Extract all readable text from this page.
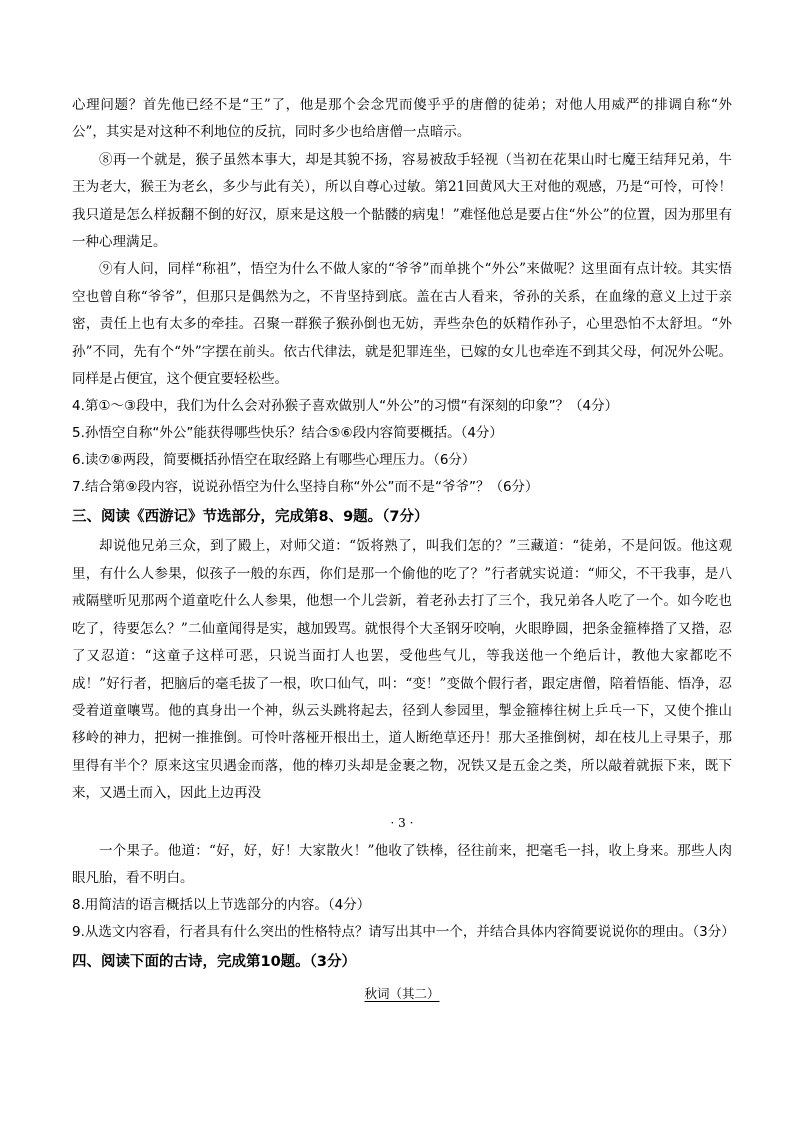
心理问题？首先他已经不是“王”了，他是那个会念咒而傻乎乎的唐僧的徒弟；对他人用威严的排调自称“外公”，其实是对这种不利地位的反抗，同时多少也给唐僧一点暗示。

⑧再一个就是，猴子虽然本事大，却是其貌不扬，容易被敌手轻视（当初在花果山时七魔王结拜兄弟，牛王为老大，猴王为老幺，多少与此有关），所以自尊心过敏。第21回黄风大王对他的观感，乃是“可怜，可怜！我只道是怎么样扳翻不倒的好汉，原来是这般一个骷髅的病鬼！”难怪他总是要占住“外公”的位置，因为那里有一种心理满足。

⑨有人问，同样“称祖”，悟空为什么不做人家的“爷爷”而单挑个“外公”来做呢？这里面有点计较。其实悟空也曾自称“爷爷”，但那只是偶然为之，不肯坚持到底。盖在古人看来，爷孙的关系，在血缘的意义上过于亲密，责任上也有太多的牵挂。召聚一群猴子猴孙倒也无妨，弄些杂色的妖精作孙子，心里恐怕不太舒坦。“外孙”不同，先有个“外”字摆在前头。依古代律法，就是犯罪连坐，已嫁的女儿也牵连不到其父母，何况外公呢。同样是占便宜，这个便宜要轻松些。

4.第①～③段中，我们为什么会对孙猴子喜欢做别人“外公”的习惯“有深刻的印象”？（4分）

5.孙悟空自称“外公”能获得哪些快乐？结合⑤⑥段内容简要概括。（4分）

6.读⑦⑧两段，简要概括孙悟空在取经路上有哪些心理压力。（6分）

7.结合第⑨段内容，说说孙悟空为什么坚持自称“外公”而不是“爷爷”？（6分）

三、阅读《西游记》节选部分，完成第8、9题。（7分）

却说他兄弟三众，到了殿上，对师父道：“饭将熟了，叫我们怎的？”三藏道：“徒弟，不是问饭。他这观里，有什么人参果，似孩子一般的东西，你们是那一个偷他的吃了？”行者就实说道：“师父，不干我事，是八戒隔壁听见那两个道童吃什么人参果，他想一个儿尝新，着老孙去打了三个，我兄弟各人吃了一个。如今吃也吃了，待要怎么？”二仙童闻得是实，越加毁骂。就恨得个大圣钢牙咬响，火眼睁圆，把条金箍棒揝了又揝，忍了又忍道：“这童子这样可恶，只说当面打人也罢，受他些气儿，等我送他一个绝后计，教他大家都吃不成！”好行者，把脑后的毫毛拔了一根，吹口仙气，叫：“变！”变做个假行者，跟定唐僧，陪着悟能、悟净，忍受着道童嚷骂。他的真身出一个神，纵云头跳将起去，径到人参园里，掣金箍棒往树上乒乓一下，又使个推山移岭的神力，把树一推推倒。可怜叶落桠开根出土，道人断绝草还丹！那大圣推倒树，却在枝儿上寻果子，那里得有半个？原来这宝贝遇金而落，他的棒刃头却是金裹之物，况铁又是五金之类，所以敲着就振下来，既下来，又遇土而入，因此上边再没

· 3 ·

一个果子。他道：“好，好，好！大家散火！”他收了铁棒，径往前来，把毫毛一抖，收上身来。那些人肉眼凡胎，看不明白。

8.用简洁的语言概括以上节选部分的内容。（4分）

9.从选文内容看，行者具有什么突出的性格特点？请写出其中一个，并结合具体内容简要说说你的理由。（3分）

四、阅读下面的古诗，完成第10题。（3分）

秋词（其二）
